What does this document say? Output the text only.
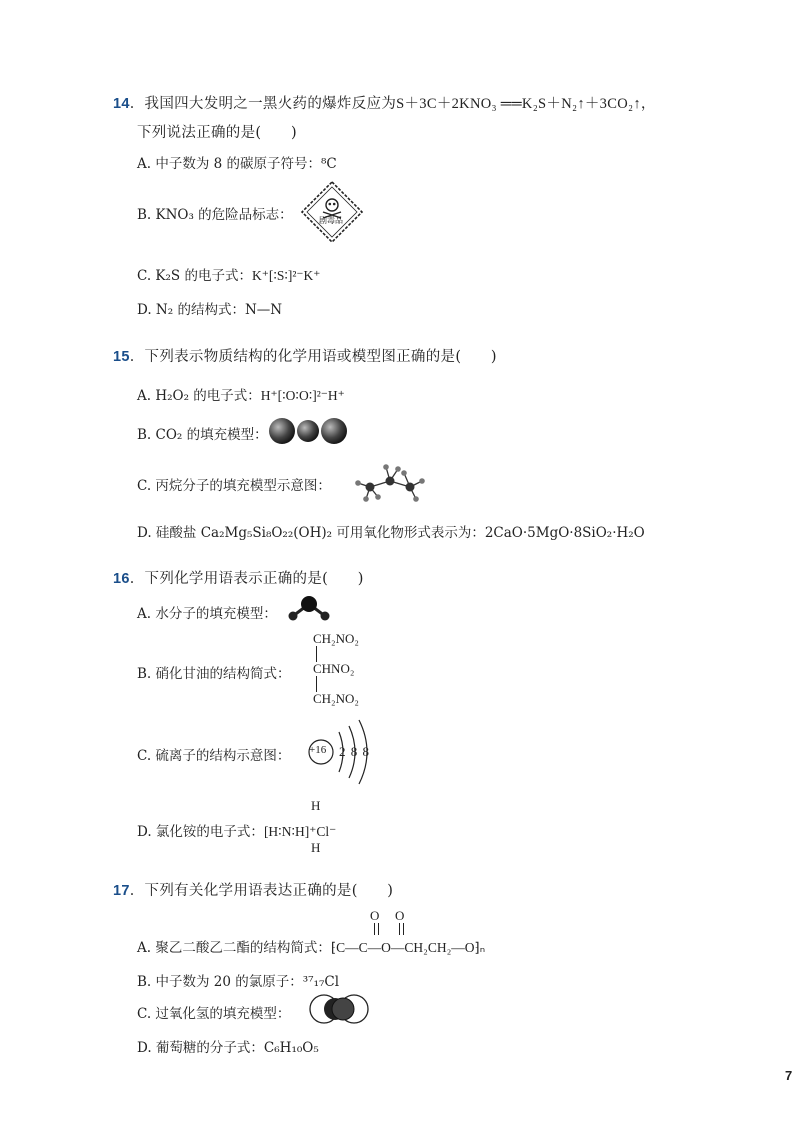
14．我国四大发明之一黑火药的爆炸反应为S＋3C＋2KNO₃ ══K₂S＋N₂↑＋3CO₂↑，
下列说法正确的是(　　)
A. 中子数为 8 的碳原子符号：⁸C
B. KNO₃ 的危险品标志：	剧毒品
C. K₂S 的电子式：K⁺[∶S∶]²⁻K⁺
D. N₂ 的结构式：N—N
15．下列表示物质结构的化学用语或模型图正确的是(　　)
A. H₂O₂ 的电子式：H⁺[∶O∶O∶]²⁻H⁺
B. CO₂ 的填充模型：
C. 丙烷分子的填充模型示意图：
D. 硅酸盐 Ca₂Mg₅Si₈O₂₂(OH)₂ 可用氧化物形式表示为：2CaO·5MgO·8SiO₂·H₂O
16．下列化学用语表示正确的是(　　)
A. 水分子的填充模型：
B. 硝化甘油的结构简式：
CH₂NO₂
CHNO₂
CH₂NO₂
C. 硫离子的结构示意图： +16 2 8 8
D. 氯化铵的电子式：[H∶N∶H]⁺Cl⁻
H
H
17．下列有关化学用语表达正确的是(　　)
O O
A. 聚乙二酸乙二酯的结构简式：⁅C—C—O—CH₂CH₂—O⁆ₙ
B. 中子数为 20 的氯原子：³⁷₁₇Cl
C. 过氧化氢的填充模型：
D. 葡萄糖的分子式：C₆H₁₀O₅
7
